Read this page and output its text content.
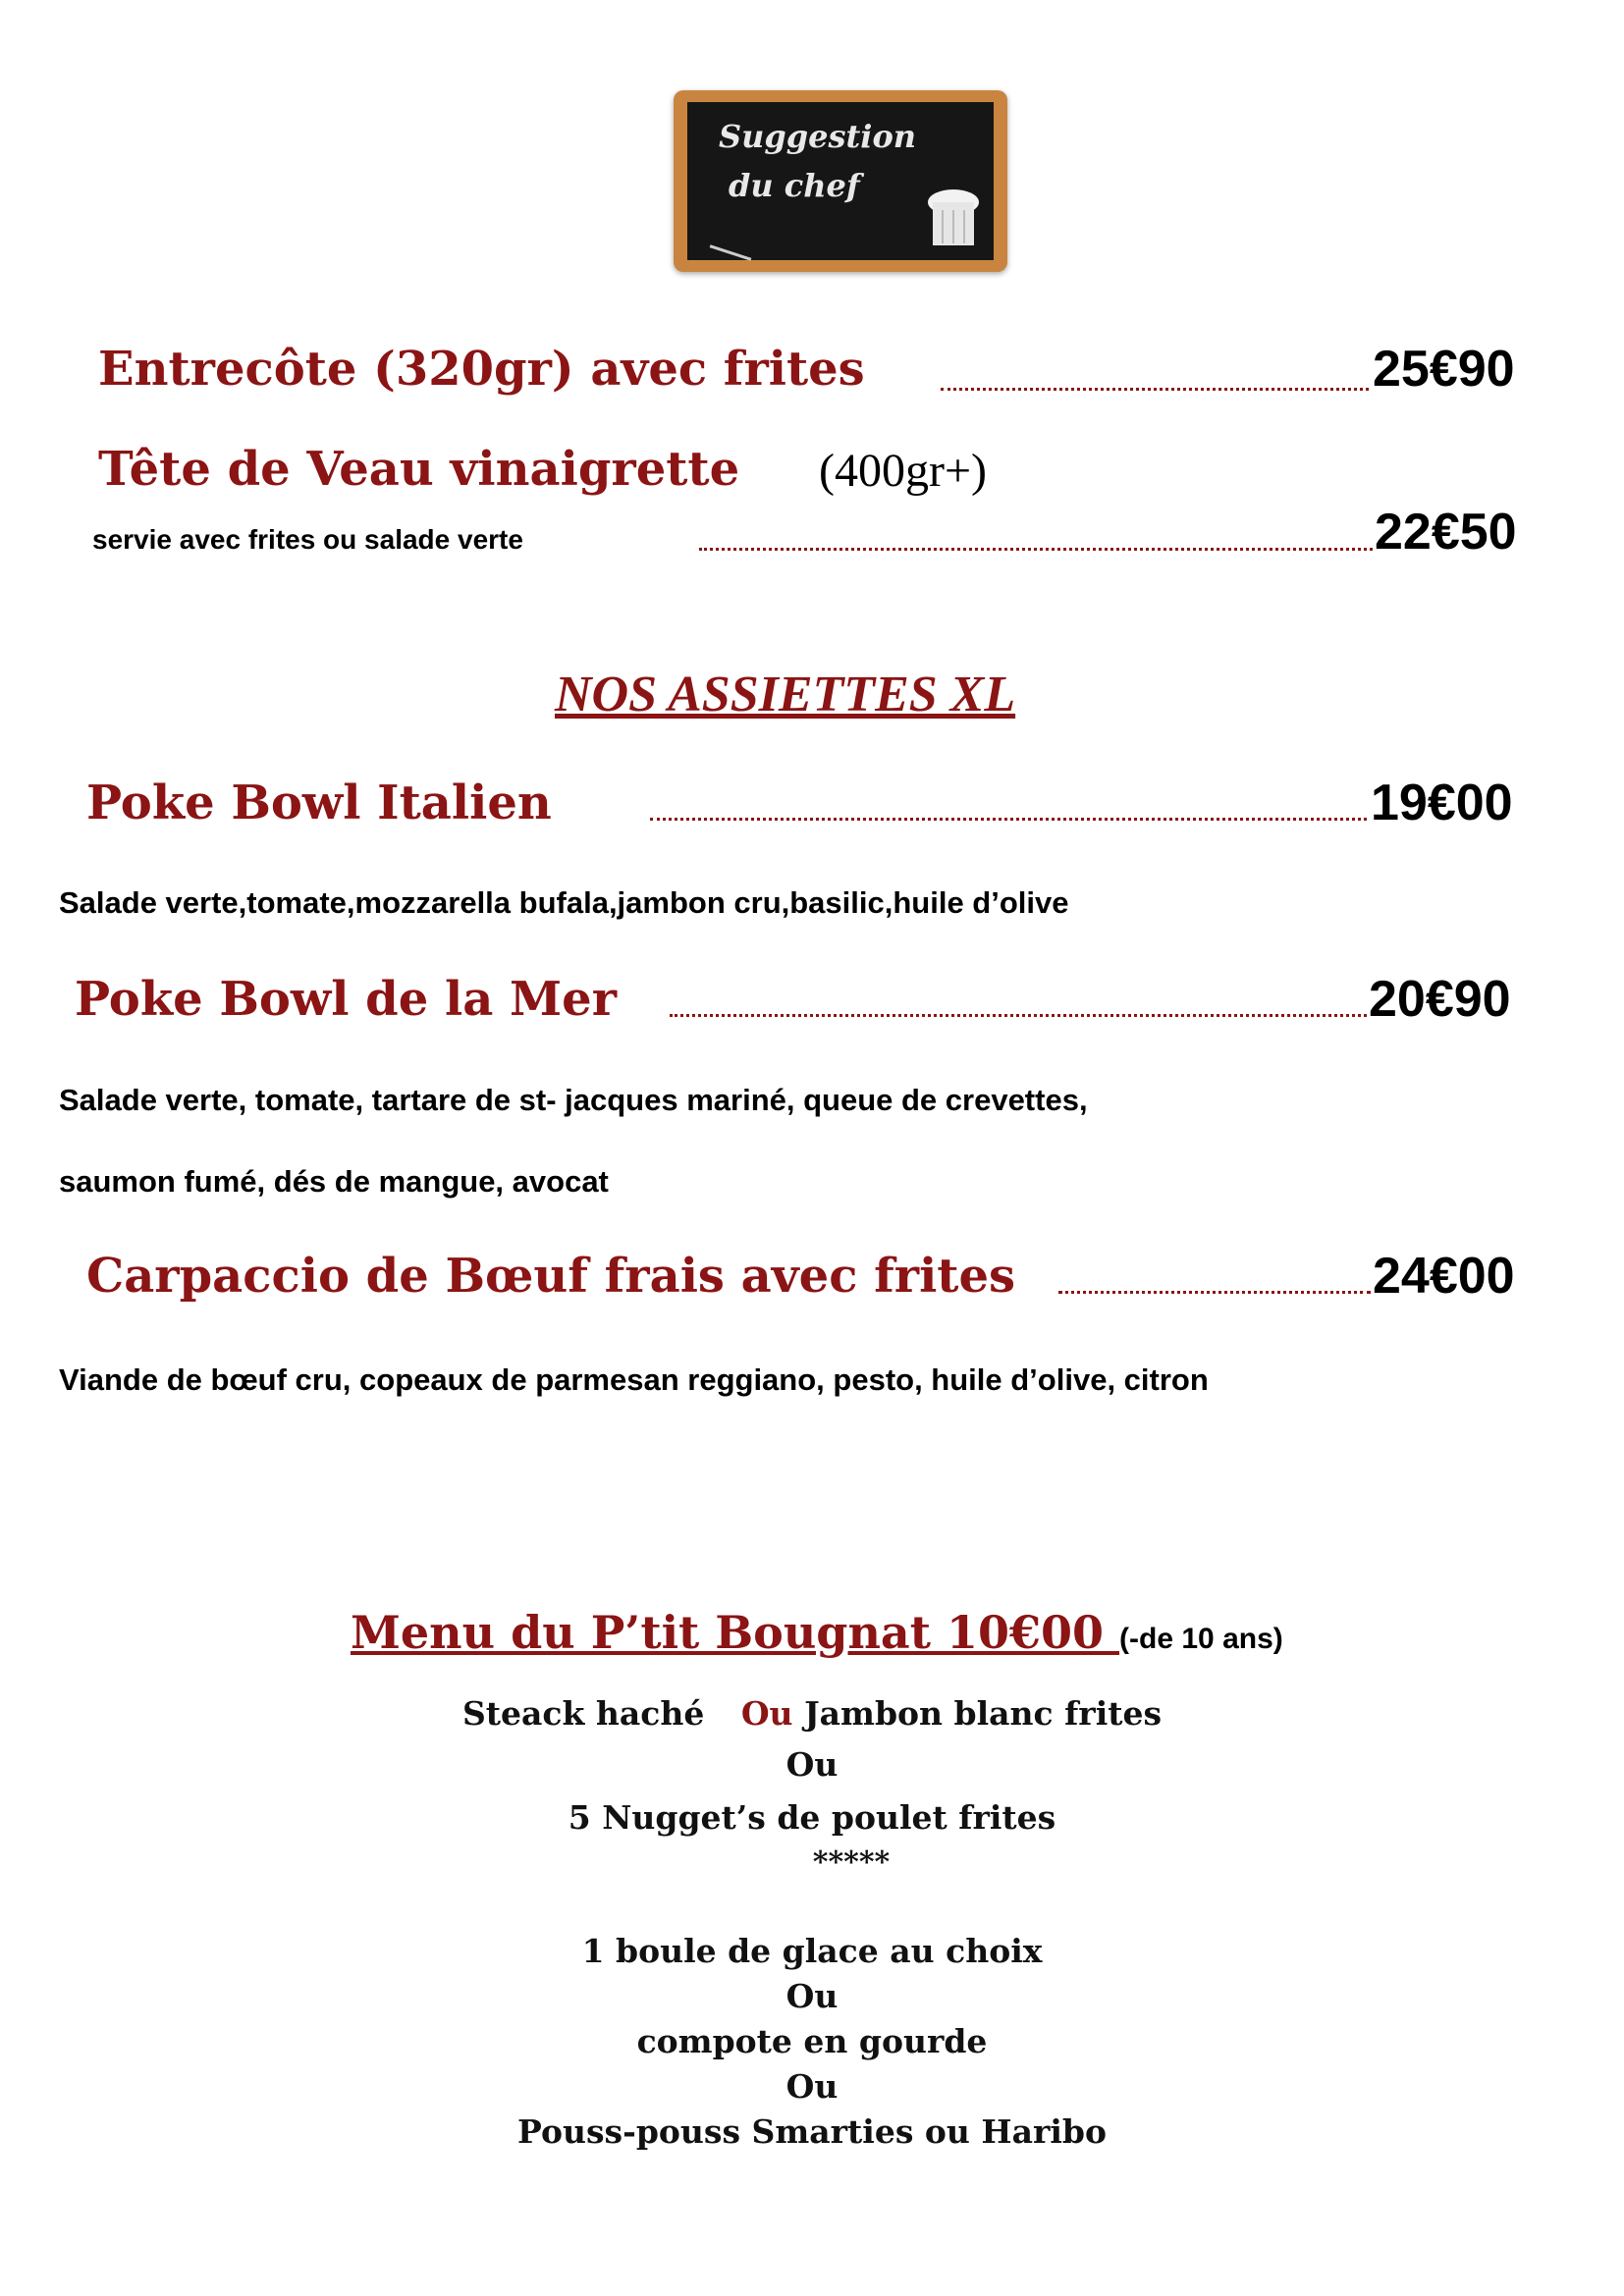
Suggestion
du chef
Entrecôte (320gr) avec frites	25€90
Tête de Veau vinaigrette (400gr+)
servie avec frites ou salade verte	22€50
NOS ASSIETTES XL
Poke Bowl Italien	19€00
Salade verte,tomate,mozzarella bufala,jambon cru,basilic,huile d’olive
Poke Bowl de la Mer	20€90
Salade verte, tomate, tartare de st- jacques mariné, queue de crevettes,
saumon fumé, dés de mangue, avocat
Carpaccio de Bœuf frais avec frites	24€00
Viande de bœuf cru, copeaux de parmesan reggiano, pesto, huile d’olive, citron
Menu du P’tit Bougnat 10€00 (-de 10 ans)
Steack haché Ou Jambon blanc frites
Ou
5 Nugget’s de poulet frites
*****
1 boule de glace au choix
Ou
compote en gourde
Ou
Pouss-pouss Smarties ou Haribo
